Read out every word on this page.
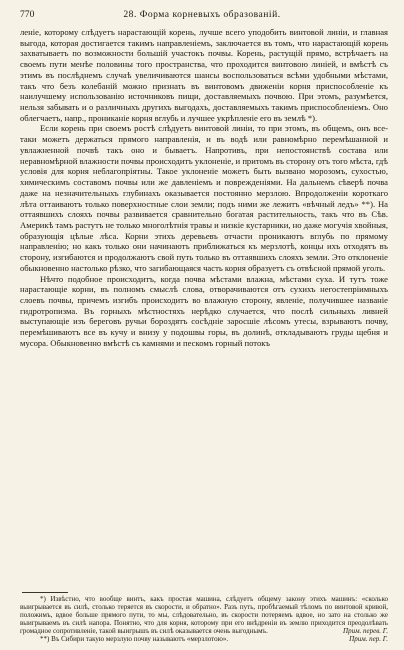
770	28. Форма корневыхъ образованій.

леніе, которому слѣдуетъ нарастающій корень, лучше всего уподобить винтовой линіи, и главная выгода, которая достигается такимъ направленіемъ, заключается въ томъ, что нарастающій корень захватываетъ по возможности большій участокъ почвы. Корень, растущій прямо, встрѣчаетъ на своемъ пути менѣе половины того пространства, что проходится винтовою линіей, и вмѣстѣ съ этимъ въ послѣднемъ случаѣ увеличиваются шансы воспользоваться всѣми удобными мѣстами, такъ что безъ колебаній можно признать въ винтовомъ движеніи корня приспособленіе къ наилучшему использованію источниковъ пищи, доставляемыхъ почвою. При этомъ, разумѣется, нельзя забывать и о различныхъ другихъ выгодахъ, доставляемыхъ такимъ приспособленіемъ. Оно облегчаетъ, напр., прониканіе корня вглубь и лучшее укрѣпленіе его въ землѣ *).

Если корень при своемъ ростѣ слѣдуетъ винтовой линіи, то при этомъ, въ общемъ, онъ все-таки можетъ держаться прямого направленія, и въ водѣ или равномѣрно перемѣшанной и увлажненной почвѣ такъ оно и бываетъ. Напротивъ, при непостоянствѣ состава или неравномѣрной влажности почвы происходитъ уклоненіе, и притомъ въ сторону отъ того мѣста, гдѣ условія для корня неблагопріятны. Такое уклоненіе можетъ быть вызвано морозомъ, сухостью, химическимъ составомъ почвы или же давленіемъ и поврежденіями. На дальнемъ сѣверѣ почва даже на незначительныхъ глубинахъ оказывается постоянно мерзлою. Впродолженіи короткаго лѣта оттаиваютъ только поверхностные слои земли; подъ ними же лежитъ «вѣчный ледъ» **). На оттаявшихъ слояхъ почвы развивается сравнительно богатая растительность, такъ что въ Сѣв. Америкѣ тамъ растутъ не только многолѣтнія травы и низкіе кустарники, но даже могучія хвойныя, образующія цѣлые лѣса. Корни этихъ деревьевъ отчасти проникаютъ вглубь по прямому направленію; но какъ только они начинаютъ приближаться къ мерзлотѣ, концы ихъ отходятъ въ сторону, изгибаются и продолжаютъ свой путь только въ оттаявшихъ слояхъ земли. Это отклоненіе обыкновенно настолько рѣзко, что загибающаяся часть корня образуетъ съ отвѣсной прямой уголъ.

Нѣчто подобное происходитъ, когда почва мѣстами влажна, мѣстами суха. И тутъ тоже нарастающіе корни, въ полномъ смыслѣ слова, отворачиваются отъ сухихъ негостепріимныхъ слоевъ почвы, причемъ изгибъ происходитъ во влажную сторону, явленіе, получившее названіе гидротропизма. Въ горныхъ мѣстностяхъ нерѣдко случается, что послѣ сильныхъ ливней выступающіе изъ береговъ ручьи бороздятъ сосѣдніе заросшіе лѣсомъ утесы, взрываютъ почву, перемѣшиваютъ все въ кучу и внизу у подошвы горы, въ долинѣ, откладываютъ груды щебня и мусора. Обыкновенно вмѣстѣ съ камнями и пескомъ горный потокъ

*) Извѣстно, что вообще винтъ, какъ простая машина, слѣдуетъ общему закону этихъ машинъ: «сколько выигрывается въ силѣ, столько теряется въ скорости, и обратно». Разъ путь, пробѣгаемый тѣломъ по винтовой кривой, положимъ, вдвое больше прямого пути, то мы, слѣдовательно, въ скорости потеряемъ вдвое, но зато на столько же выигрываемъ въ силѣ напора. Понятно, что для корня, которому при его внѣдреніи въ землю приходится преодолѣвать громадное сопротивленіе, такой выигрышъ въ силѣ оказывается очень выгоднымъ.	Прим. перев. Г.

**) Въ Сибири такую мерзлую почву называютъ «мерзлотою».	Прим. пер. Г.
